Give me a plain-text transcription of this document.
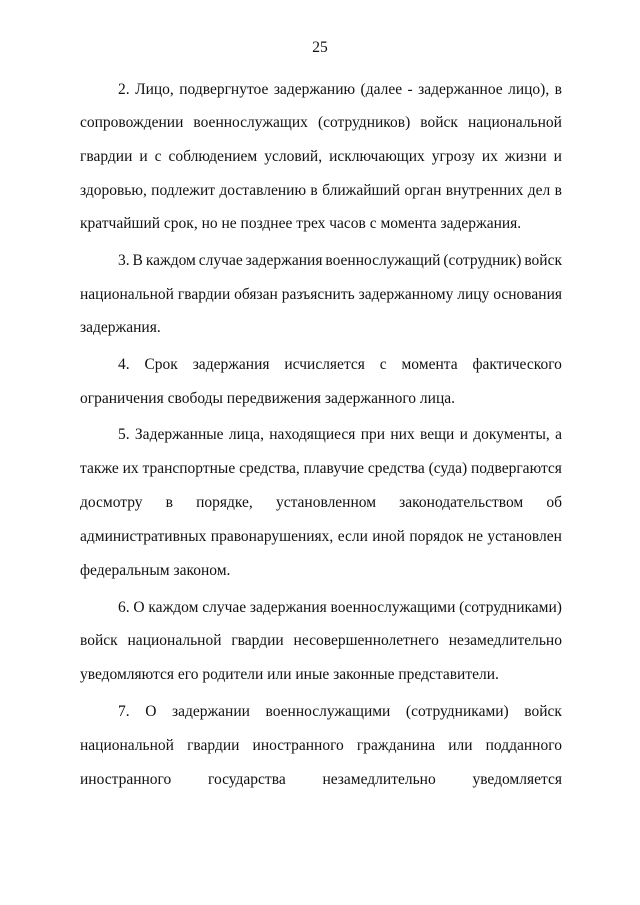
25
2. Лицо, подвергнутое задержанию (далее - задержанное лицо), в
сопровождении военнослужащих (сотрудников) войск национальной
гвардии и с соблюдением условий, исключающих угрозу их жизни и
здоровью, подлежит доставлению в ближайший орган внутренних дел в
кратчайший срок, но не позднее трех часов с момента задержания.
3. В каждом случае задержания военнослужащий (сотрудник) войск
национальной гвардии обязан разъяснить задержанному лицу основания
задержания.
4. Срок задержания исчисляется с момента фактического
ограничения свободы передвижения задержанного лица.
5. Задержанные лица, находящиеся при них вещи и документы, а
также их транспортные средства, плавучие средства (суда) подвергаются
досмотру в порядке, установленном законодательством об
административных правонарушениях, если иной порядок не установлен
федеральным законом.
6. О каждом случае задержания военнослужащими (сотрудниками)
войск национальной гвардии несовершеннолетнего незамедлительно
уведомляются его родители или иные законные представители.
7. О задержании военнослужащими (сотрудниками) войск
национальной гвардии иностранного гражданина или подданного
иностранного государства незамедлительно уведомляется
